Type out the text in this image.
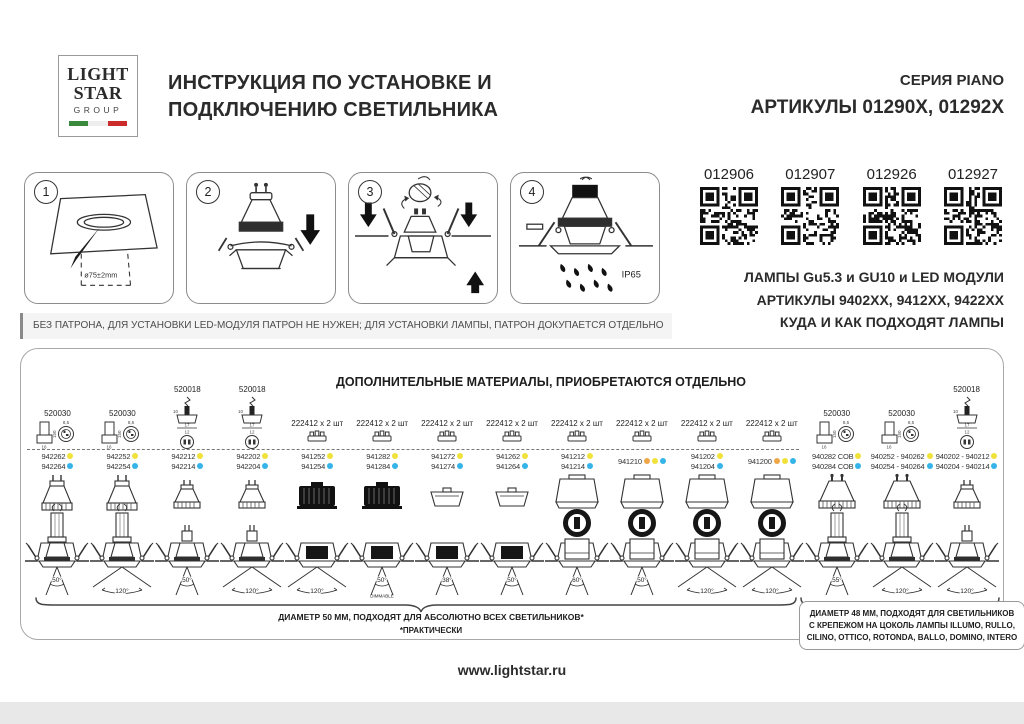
LIGHT
STAR
GROUP
ИНСТРУКЦИЯ ПО УСТАНОВКЕ И
ПОДКЛЮЧЕНИЮ СВЕТИЛЬНИКА
СЕРИЯ PIANO
АРТИКУЛЫ 01290X, 01292X
1
ø75±2mm
2	3	4
IP65
012906	012907	012926	012927
ЛАМПЫ Gu5.3 и GU10 и LED МОДУЛИ
АРТИКУЛЫ 9402XX, 9412XX, 9422XX
КУДА И КАК ПОДХОДЯТ ЛАМПЫ
БЕЗ ПАТРОНА, ДЛЯ УСТАНОВКИ LED-МОДУЛЯ ПАТРОН НЕ НУЖЕН; ДЛЯ УСТАНОВКИ ЛАМПЫ, ПАТРОН ДОКУПАЕТСЯ ОТДЕЛЬНО
520030
8,5
150
16
942262
942264
50°
50°
520030
8,5
150
16
942252
942254
120°
120°
520018
10
17
12
942212
942214
50°
50°
520018
10
17
12
942202
942204
120°
120°
222412 x 2 шт
941252
941254
120°
120°
222412 x 2 шт
941282
941284
50°
50°
DIMMABLE
222412 x 2 шт
941272
941274
38°
38°
222412 x 2 шт
941262
941264
50°
50°
222412 x 2 шт
941212
941214
60°
60°
222412 x 2 шт
941210
50°
50°
222412 x 2 шт
941202
941204
120°
120°
222412 x 2 шт
941200
120°
120°
520030
8,5
150
16
940282 COB
940284 COB
55°
55°
520030
8,5
150
16
940252 - 940262
940254 - 940264
120°
120°
520018
10
17
12
940202 - 940212
940204 - 940214
120°
120°
ДОПОЛНИТЕЛЬНЫЕ МАТЕРИАЛЫ, ПРИОБРЕТАЮТСЯ ОТДЕЛЬНО
ДИАМЕТР 50 ММ, ПОДХОДЯТ ДЛЯ АБСОЛЮТНО ВСЕХ СВЕТИЛЬНИКОВ*
*ПРАКТИЧЕСКИ
ДИАМЕТР 48 ММ, ПОДХОДЯТ ДЛЯ СВЕТИЛЬНИКОВ
С КРЕПЕЖОМ НА ЦОКОЛЬ ЛАМПЫ ILLUMO, RULLO,
CILINO, OTTICO, ROTONDA, BALLO, DOMINO, INTERO
www.lightstar.ru
